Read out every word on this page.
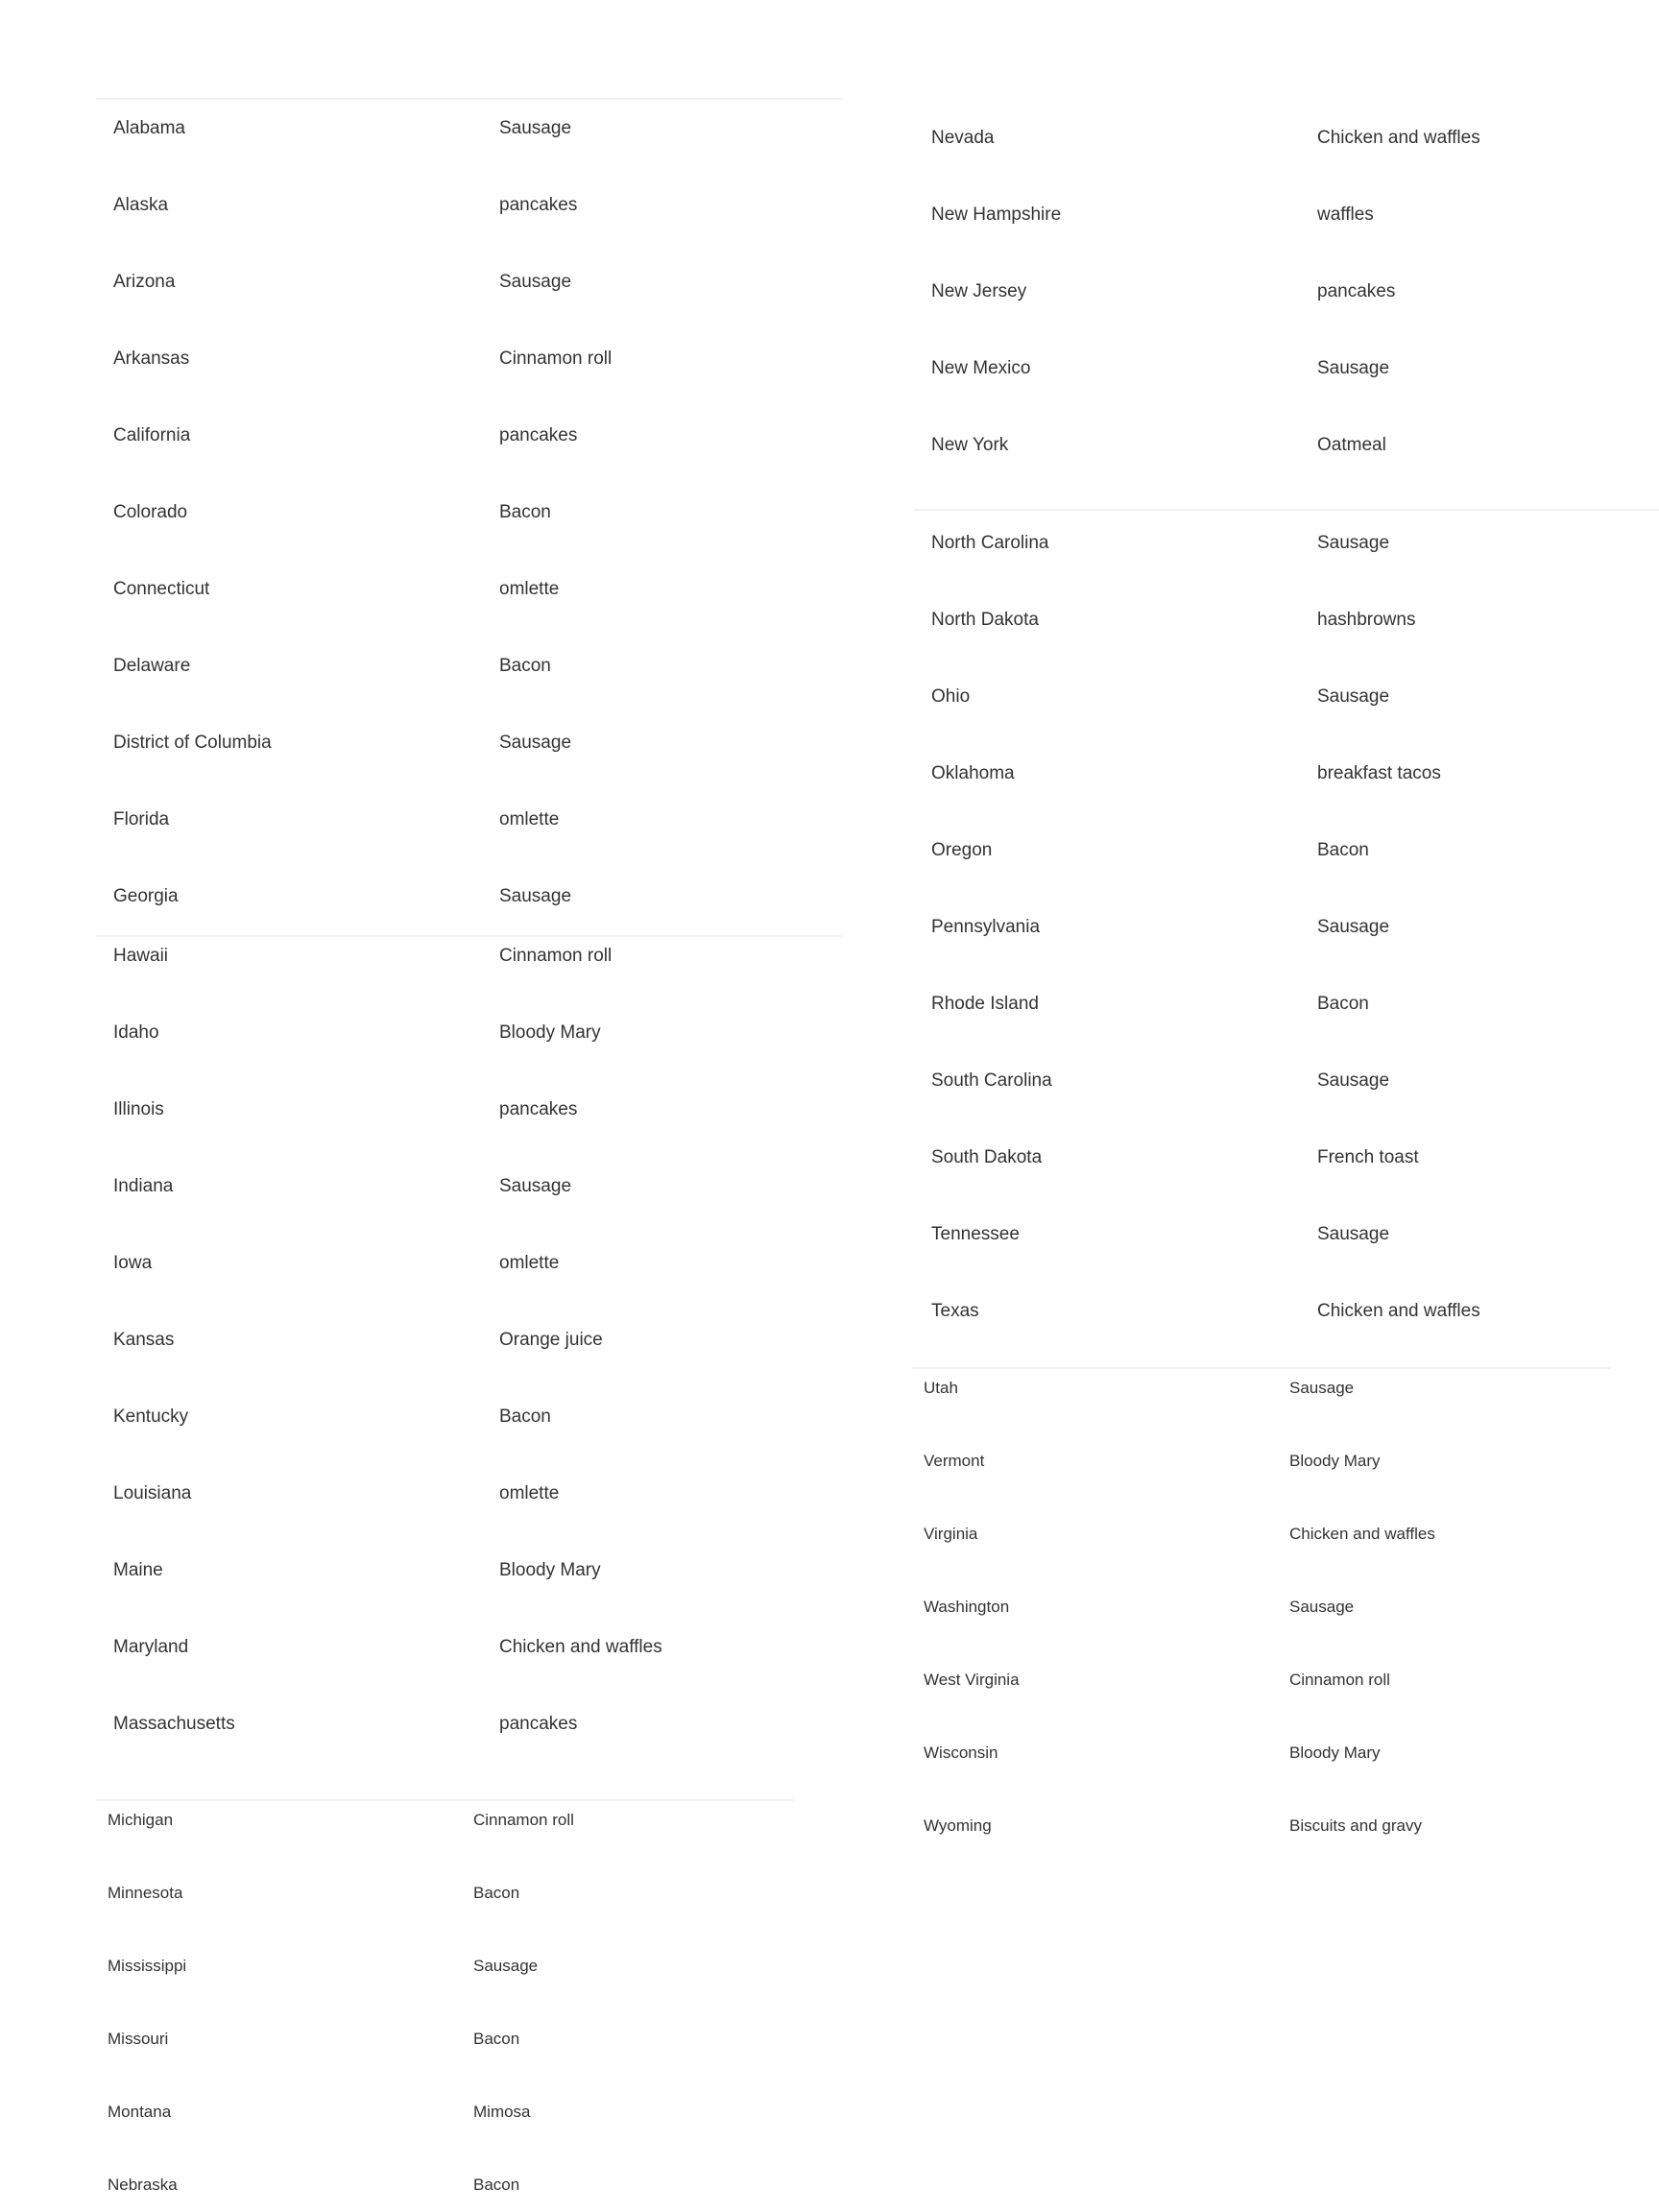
Alabama	Sausage
Alaska	pancakes
Arizona	Sausage
Arkansas	Cinnamon roll
California	pancakes
Colorado	Bacon
Connecticut	omlette
Delaware	Bacon
District of Columbia	Sausage
Florida	omlette
Georgia	Sausage
Hawaii	Cinnamon roll
Idaho	Bloody Mary
Illinois	pancakes
Indiana	Sausage
Iowa	omlette
Kansas	Orange juice
Kentucky	Bacon
Louisiana	omlette
Maine	Bloody Mary
Maryland	Chicken and waffles
Massachusetts	pancakes
Michigan	Cinnamon roll
Minnesota	Bacon
Mississippi	Sausage
Missouri	Bacon
Montana	Mimosa
Nebraska	Bacon
Nevada	Chicken and waffles
New Hampshire	waffles
New Jersey	pancakes
New Mexico	Sausage
New York	Oatmeal
North Carolina	Sausage
North Dakota	hashbrowns
Ohio	Sausage
Oklahoma	breakfast tacos
Oregon	Bacon
Pennsylvania	Sausage
Rhode Island	Bacon
South Carolina	Sausage
South Dakota	French toast
Tennessee	Sausage
Texas	Chicken and waffles
Utah	Sausage
Vermont	Bloody Mary
Virginia	Chicken and waffles
Washington	Sausage
West Virginia	Cinnamon roll
Wisconsin	Bloody Mary
Wyoming	Biscuits and gravy
